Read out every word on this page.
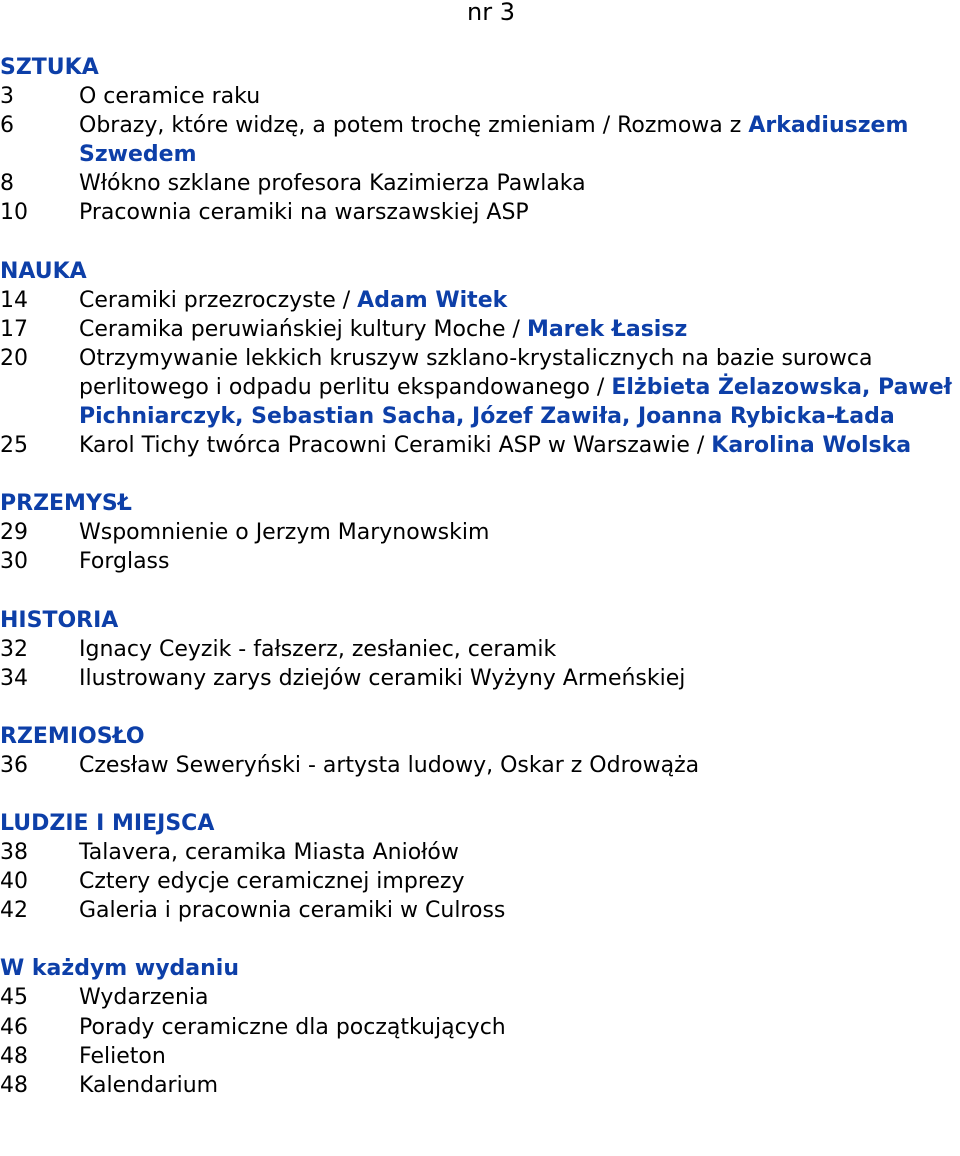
nr 3
SZTUKA
3	O ceramice raku
6	Obrazy, które widzę, a potem trochę zmieniam / Rozmowa z Arkadiuszem Szwedem
8	Włókno szklane profesora Kazimierza Pawlaka
10	Pracownia ceramiki na warszawskiej ASP
NAUKA
14	Ceramiki przezroczyste / Adam Witek
17	Ceramika peruwiańskiej kultury Moche / Marek Łasisz
20	Otrzymywanie lekkich kruszyw szklano-krystalicznych na bazie surowca perlitowego i odpadu perlitu ekspandowanego / Elżbieta Żelazowska, Paweł Pichniarczyk, Sebastian Sacha, Józef Zawiła, Joanna Rybicka-Łada
25	Karol Tichy twórca Pracowni Ceramiki ASP w Warszawie / Karolina Wolska
PRZEMYSŁ
29	Wspomnienie o Jerzym Marynowskim
30	Forglass
HISTORIA
32	Ignacy Ceyzik - fałszerz, zesłaniec, ceramik
34	Ilustrowany zarys dziejów ceramiki Wyżyny Armeńskiej
RZEMIOSŁO
36	Czesław Seweryński - artysta ludowy, Oskar z Odrowąża
LUDZIE I MIEJSCA
38	Talavera, ceramika Miasta Aniołów
40	Cztery edycje ceramicznej imprezy
42	Galeria i pracownia ceramiki w Culross
W każdym wydaniu
45	Wydarzenia
46	Porady ceramiczne dla początkujących
48	Felieton
48	Kalendarium
